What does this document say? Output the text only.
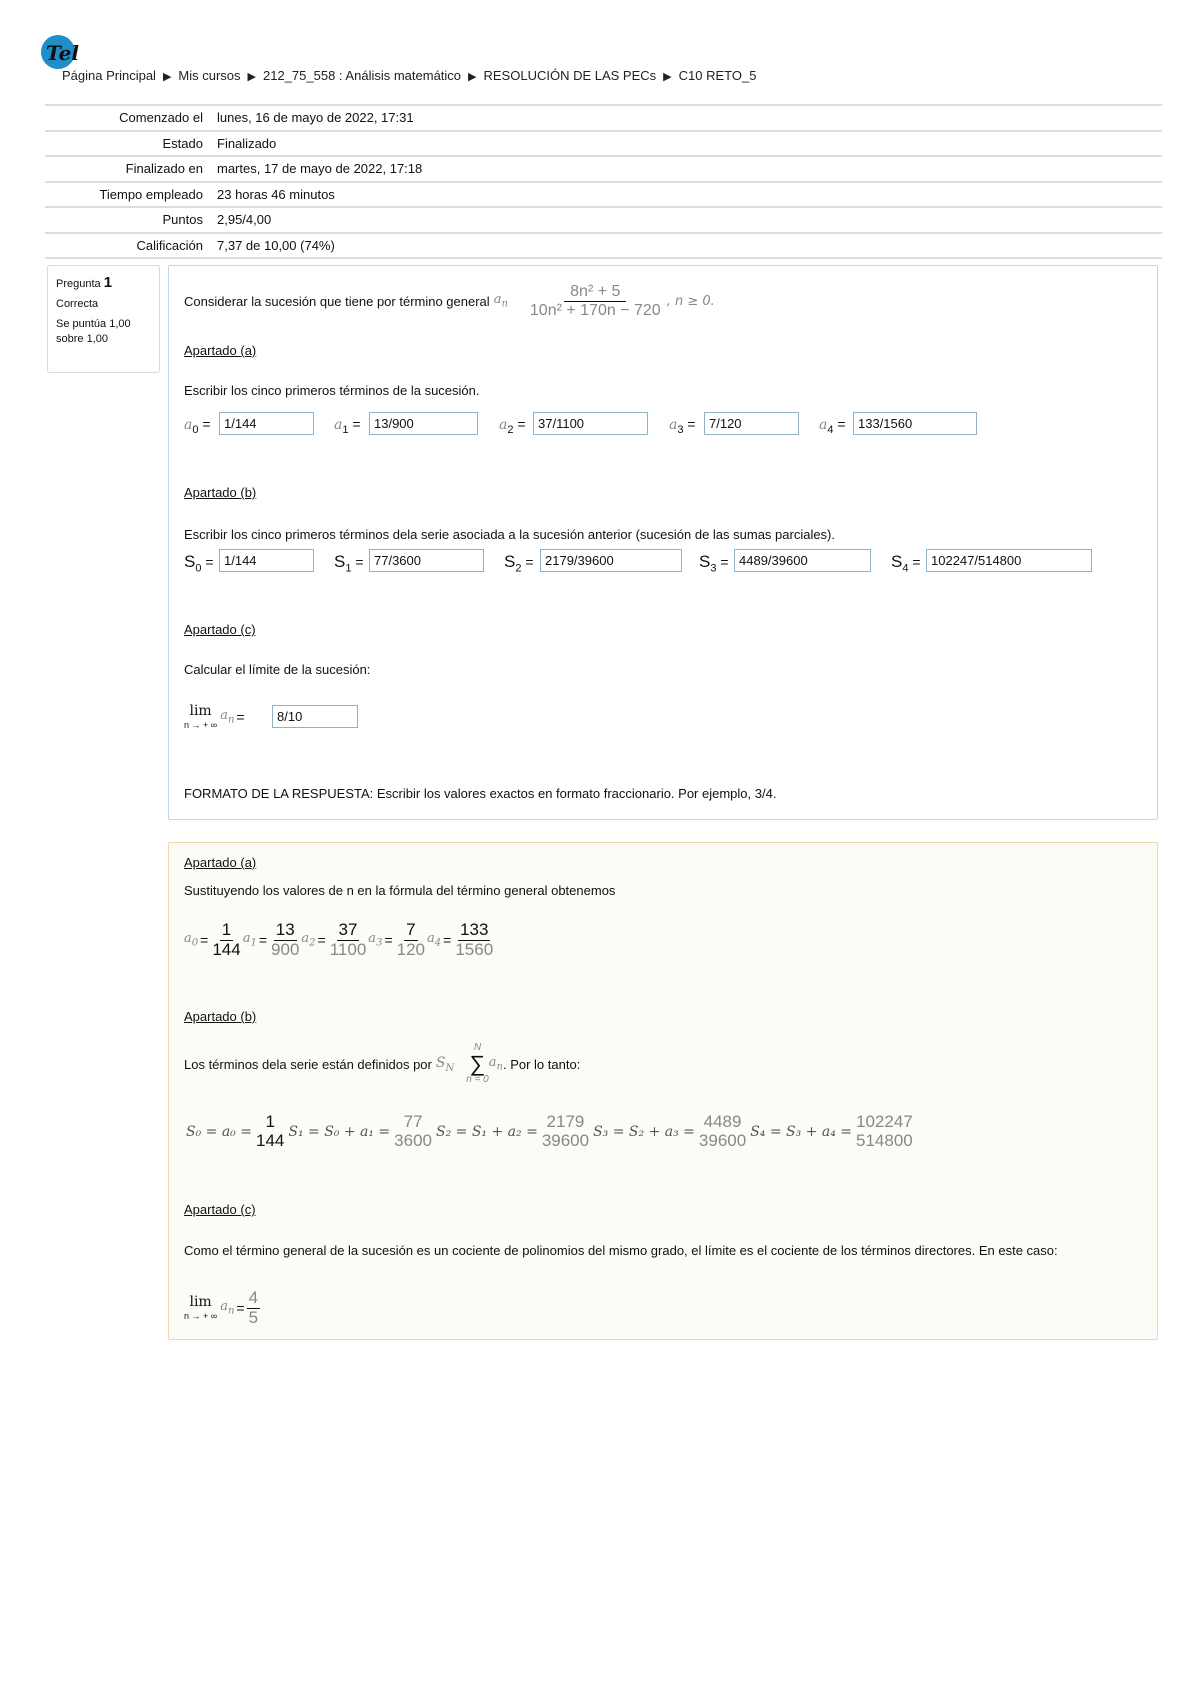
Tel
Página Principal ▶ Mis cursos ▶ 212_75_558 : Análisis matemático ▶ RESOLUCIÓN DE LAS PECs ▶ C10 RETO_5
Comenzado el	lunes, 16 de mayo de 2022, 17:31
Estado	Finalizado
Finalizado en	martes, 17 de mayo de 2022, 17:18
Tiempo empleado	23 horas 46 minutos
Puntos	2,95/4,00
Calificación	7,37 de 10,00 (74%)
Pregunta 1
Correcta
Se puntúa 1,00
sobre 1,00
Considerar la sucesión que tiene por término general $a_n \frac{\text{8n² + 5}}{\text{10n² + 170n − 720}}$ , n ≥ 0.
Apartado (a)
Escribir los cinco primeros términos de la sucesión.
$a_0$ =
1/144	$a_1$ =
13/900	$a_2$ =
37/1100	$a_3$ =
7/120	$a_4$ =
133/1560
Apartado (b)
Escribir los cinco primeros términos dela serie asociada a la sucesión anterior (sucesión de las sumas parciales).
$S_0$ =
1/144	$S_1$ =
77/3600	$S_2$ =
2179/39600	$S_3$ =
4489/39600	$S_4$ =
102247/514800
Apartado (c)
Calcular el límite de la sucesión:
lim
n → + ∞
$a_n$ =
8/10
FORMATO DE LA RESPUESTA: Escribir los valores exactos en formato fraccionario. Por ejemplo, 3/4.
Apartado (a)
Sustituyendo los valores de n en la fórmula del término general obtenemos
$a_0 = \frac{1}{144} a_1 = \frac{13}{900} a_2 = \frac{37}{1100} a_3 = \frac{7}{120} a_4 = \frac{133}{1560}$
Apartado (b)
Los términos dela serie están definidos por $S_N$
N
∑
n = 0
$a_n$ . Por lo tanto:
S₀ = a₀ =
1
144 S₁ = S₀ + a₁ =
77
3600 S₂ = S₁ + a₂ =
2179
39600 S₃ = S₂ + a₃ =
4489
39600 S₄ = S₃ + a₄ =
102247
514800
Apartado (c)
Como el término general de la sucesión es un cociente de polinomios del mismo grado, el límite es el cociente de los términos directores. En este caso:
lim
n → + ∞
$a_n = \frac{4}{5}$
